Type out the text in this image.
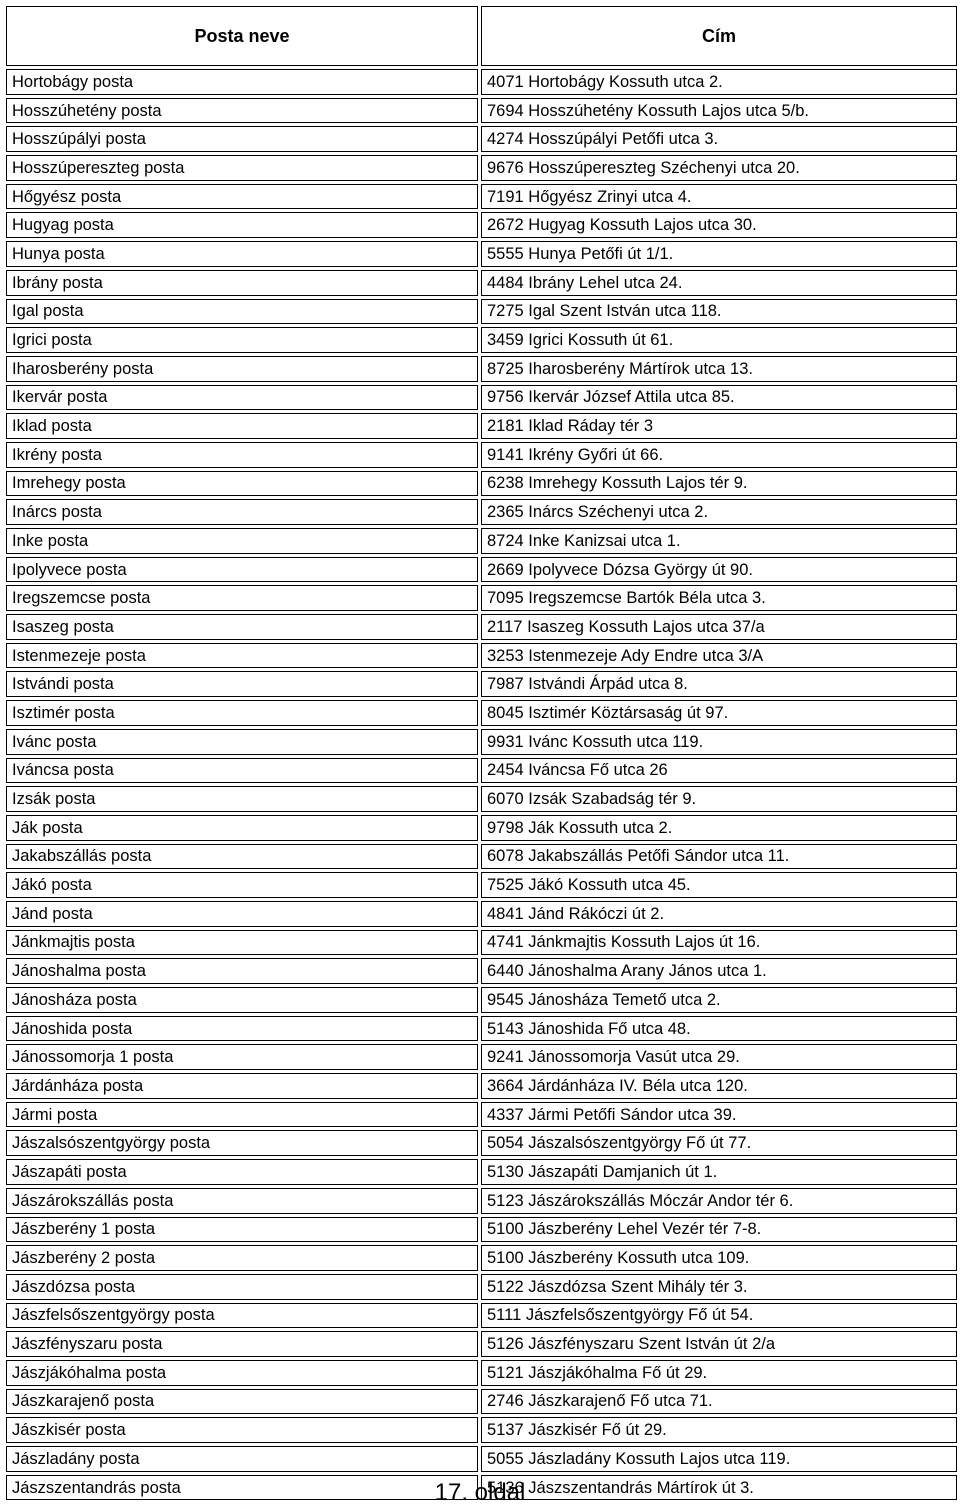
Posta neve	Cím
Hortobágy posta	4071 Hortobágy Kossuth utca 2.
Hosszúhetény posta	7694 Hosszúhetény Kossuth Lajos utca 5/b.
Hosszúpályi posta	4274 Hosszúpályi Petőfi utca 3.
Hosszúpereszteg posta	9676 Hosszúpereszteg Széchenyi utca 20.
Hőgyész posta	7191 Hőgyész Zrinyi utca 4.
Hugyag posta	2672 Hugyag Kossuth Lajos utca 30.
Hunya posta	5555 Hunya Petőfi út 1/1.
Ibrány posta	4484 Ibrány Lehel utca 24.
Igal posta	7275 Igal Szent István utca 118.
Igrici posta	3459 Igrici Kossuth út 61.
Iharosberény posta	8725 Iharosberény Mártírok utca 13.
Ikervár posta	9756 Ikervár József Attila utca 85.
Iklad posta	2181 Iklad Ráday tér 3
Ikrény posta	9141 Ikrény Győri út 66.
Imrehegy posta	6238 Imrehegy Kossuth Lajos tér 9.
Inárcs posta	2365 Inárcs Széchenyi utca 2.
Inke posta	8724 Inke Kanizsai utca 1.
Ipolyvece posta	2669 Ipolyvece Dózsa György út 90.
Iregszemcse posta	7095 Iregszemcse Bartók Béla utca 3.
Isaszeg posta	2117 Isaszeg Kossuth Lajos utca 37/a
Istenmezeje posta	3253 Istenmezeje Ady Endre utca 3/A
Istvándi posta	7987 Istvándi Árpád utca 8.
Isztimér posta	8045 Isztimér Köztársaság út 97.
Ivánc posta	9931 Ivánc Kossuth utca 119.
Iváncsa posta	2454 Iváncsa Fő utca 26
Izsák posta	6070 Izsák Szabadság tér 9.
Ják posta	9798 Ják Kossuth utca 2.
Jakabszállás posta	6078 Jakabszállás Petőfi Sándor utca 11.
Jákó posta	7525 Jákó Kossuth utca 45.
Jánd posta	4841 Jánd Rákóczi út 2.
Jánkmajtis posta	4741 Jánkmajtis Kossuth Lajos út 16.
Jánoshalma posta	6440 Jánoshalma Arany János utca 1.
Jánosháza posta	9545 Jánosháza Temető utca 2.
Jánoshida posta	5143 Jánoshida Fő utca 48.
Jánossomorja 1 posta	9241 Jánossomorja Vasút utca 29.
Járdánháza posta	3664 Járdánháza IV. Béla utca 120.
Jármi posta	4337 Jármi Petőfi Sándor utca 39.
Jászalsószentgyörgy posta	5054 Jászalsószentgyörgy Fő út 77.
Jászapáti posta	5130 Jászapáti Damjanich út 1.
Jászárokszállás posta	5123 Jászárokszállás Móczár Andor tér 6.
Jászberény 1 posta	5100 Jászberény Lehel Vezér tér 7-8.
Jászberény 2 posta	5100 Jászberény Kossuth utca 109.
Jászdózsa posta	5122 Jászdózsa Szent Mihály tér 3.
Jászfelsőszentgyörgy posta	5111 Jászfelsőszentgyörgy Fő út 54.
Jászfényszaru posta	5126 Jászfényszaru Szent István út 2/a
Jászjákóhalma posta	5121 Jászjákóhalma Fő út 29.
Jászkarajenő posta	2746 Jászkarajenő Fő utca 71.
Jászkisér posta	5137 Jászkisér Fő út 29.
Jászladány posta	5055 Jászladány Kossuth Lajos utca 119.
Jászszentandrás posta	5136 Jászszentandrás Mártírok út 3.
17. oldal
